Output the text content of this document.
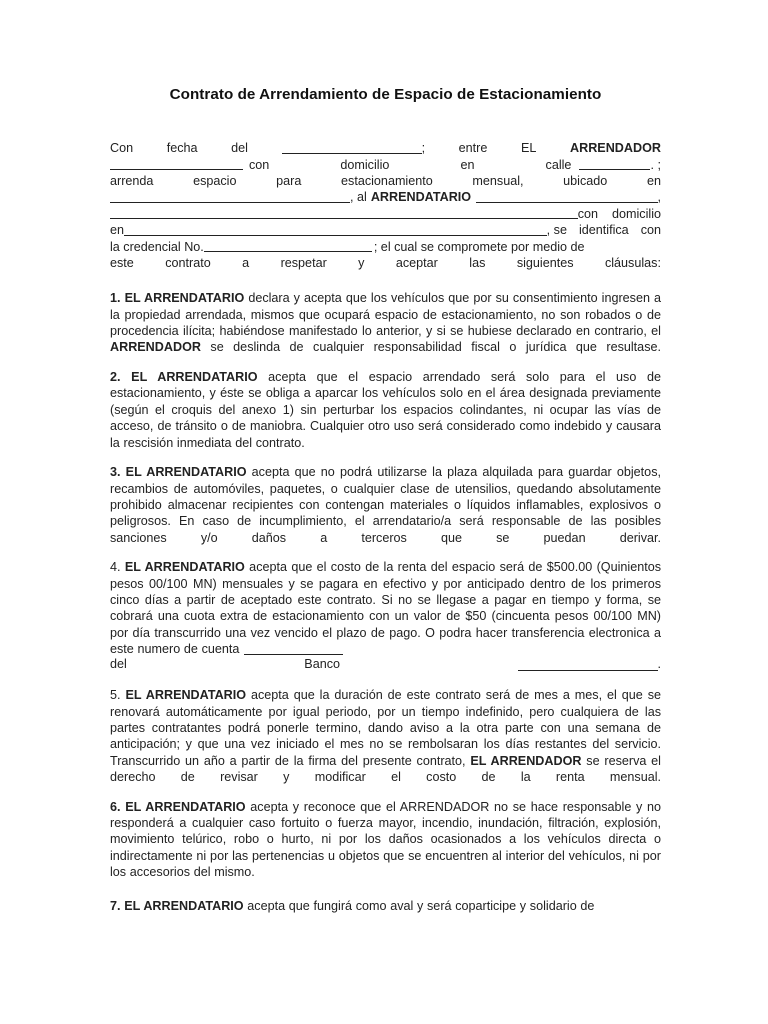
Contrato de Arrendamiento de Espacio de Estacionamiento
Con	fecha	del	;	entre	EL	ARRENDADOR
con	domicilio	en	calle	. ;
arrenda	espacio	para	estacionamiento	mensual,	ubicado	en
, al ARRENDATARIO	,
con domicilio
en	, se identifica con
la credencial No.	; el cual se compromete por medio de
este contrato a respetar y aceptar las siguientes cláusulas:

1. EL ARRENDATARIO declara y acepta que los vehículos que por su consentimiento ingresen a la propiedad arrendada, mismos que ocupará espacio de estacionamiento, no son robados o de procedencia ilícita; habiéndose manifestado lo anterior, y si se hubiese declarado en contrario, el ARRENDADOR se deslinda de cualquier responsabilidad fiscal o jurídica que resultase.

2. EL ARRENDATARIO acepta que el espacio arrendado será solo para el uso de estacionamiento, y éste se obliga a aparcar los vehículos solo en el área designada previamente (según el croquis del anexo 1) sin perturbar los espacios colindantes, ni ocupar las vías de acceso, de tránsito o de maniobra. Cualquier otro uso será considerado como indebido y causara la rescisión inmediata del contrato.

3. EL ARRENDATARIO acepta que no podrá utilizarse la plaza alquilada para guardar objetos, recambios de automóviles, paquetes, o cualquier clase de utensilios, quedando absolutamente prohibido almacenar recipientes con contengan materiales o líquidos inflamables, explosivos o peligrosos. En caso de incumplimiento, el arrendatario/a será responsable de las posibles sanciones y/o daños a terceros que se puedan derivar.

4. EL ARRENDATARIO acepta que el costo de la renta del espacio será de $500.00 (Quinientos pesos 00/100 MN) mensuales y se pagara en efectivo y por anticipado dentro de los primeros cinco días a partir de aceptado este contrato. Si no se llegase a pagar en tiempo y forma, se cobrará una cuota extra de estacionamiento con un valor de $50 (cincuenta pesos 00/100 MN) por día transcurrido una vez vencido el plazo de pago. O podra hacer transferencia electronica a este numero de cuenta

del	Banco	.

5. EL ARRENDATARIO acepta que la duración de este contrato será de mes a mes, el que se renovará automáticamente por igual periodo, por un tiempo indefinido, pero cualquiera de las partes contratantes podrá ponerle termino, dando aviso a la otra parte con una semana de anticipación; y que una vez iniciado el mes no se rembolsaran los días restantes del servicio. Transcurrido un año a partir de la firma del presente contrato, EL ARRENDADOR se reserva el derecho de revisar y modificar el costo de la renta mensual.

6. EL ARRENDATARIO acepta y reconoce que el ARRENDADOR no se hace responsable y no responderá a cualquier caso fortuito o fuerza mayor, incendio, inundación, filtración, explosión, movimiento telúrico, robo o hurto, ni por los daños ocasionados a los vehículos directa o indirectamente ni por las pertenencias u objetos que se encuentren al interior del vehículos, ni por los accesorios del mismo.

7. EL ARRENDATARIO acepta que fungirá como aval y será coparticipe y solidario de
